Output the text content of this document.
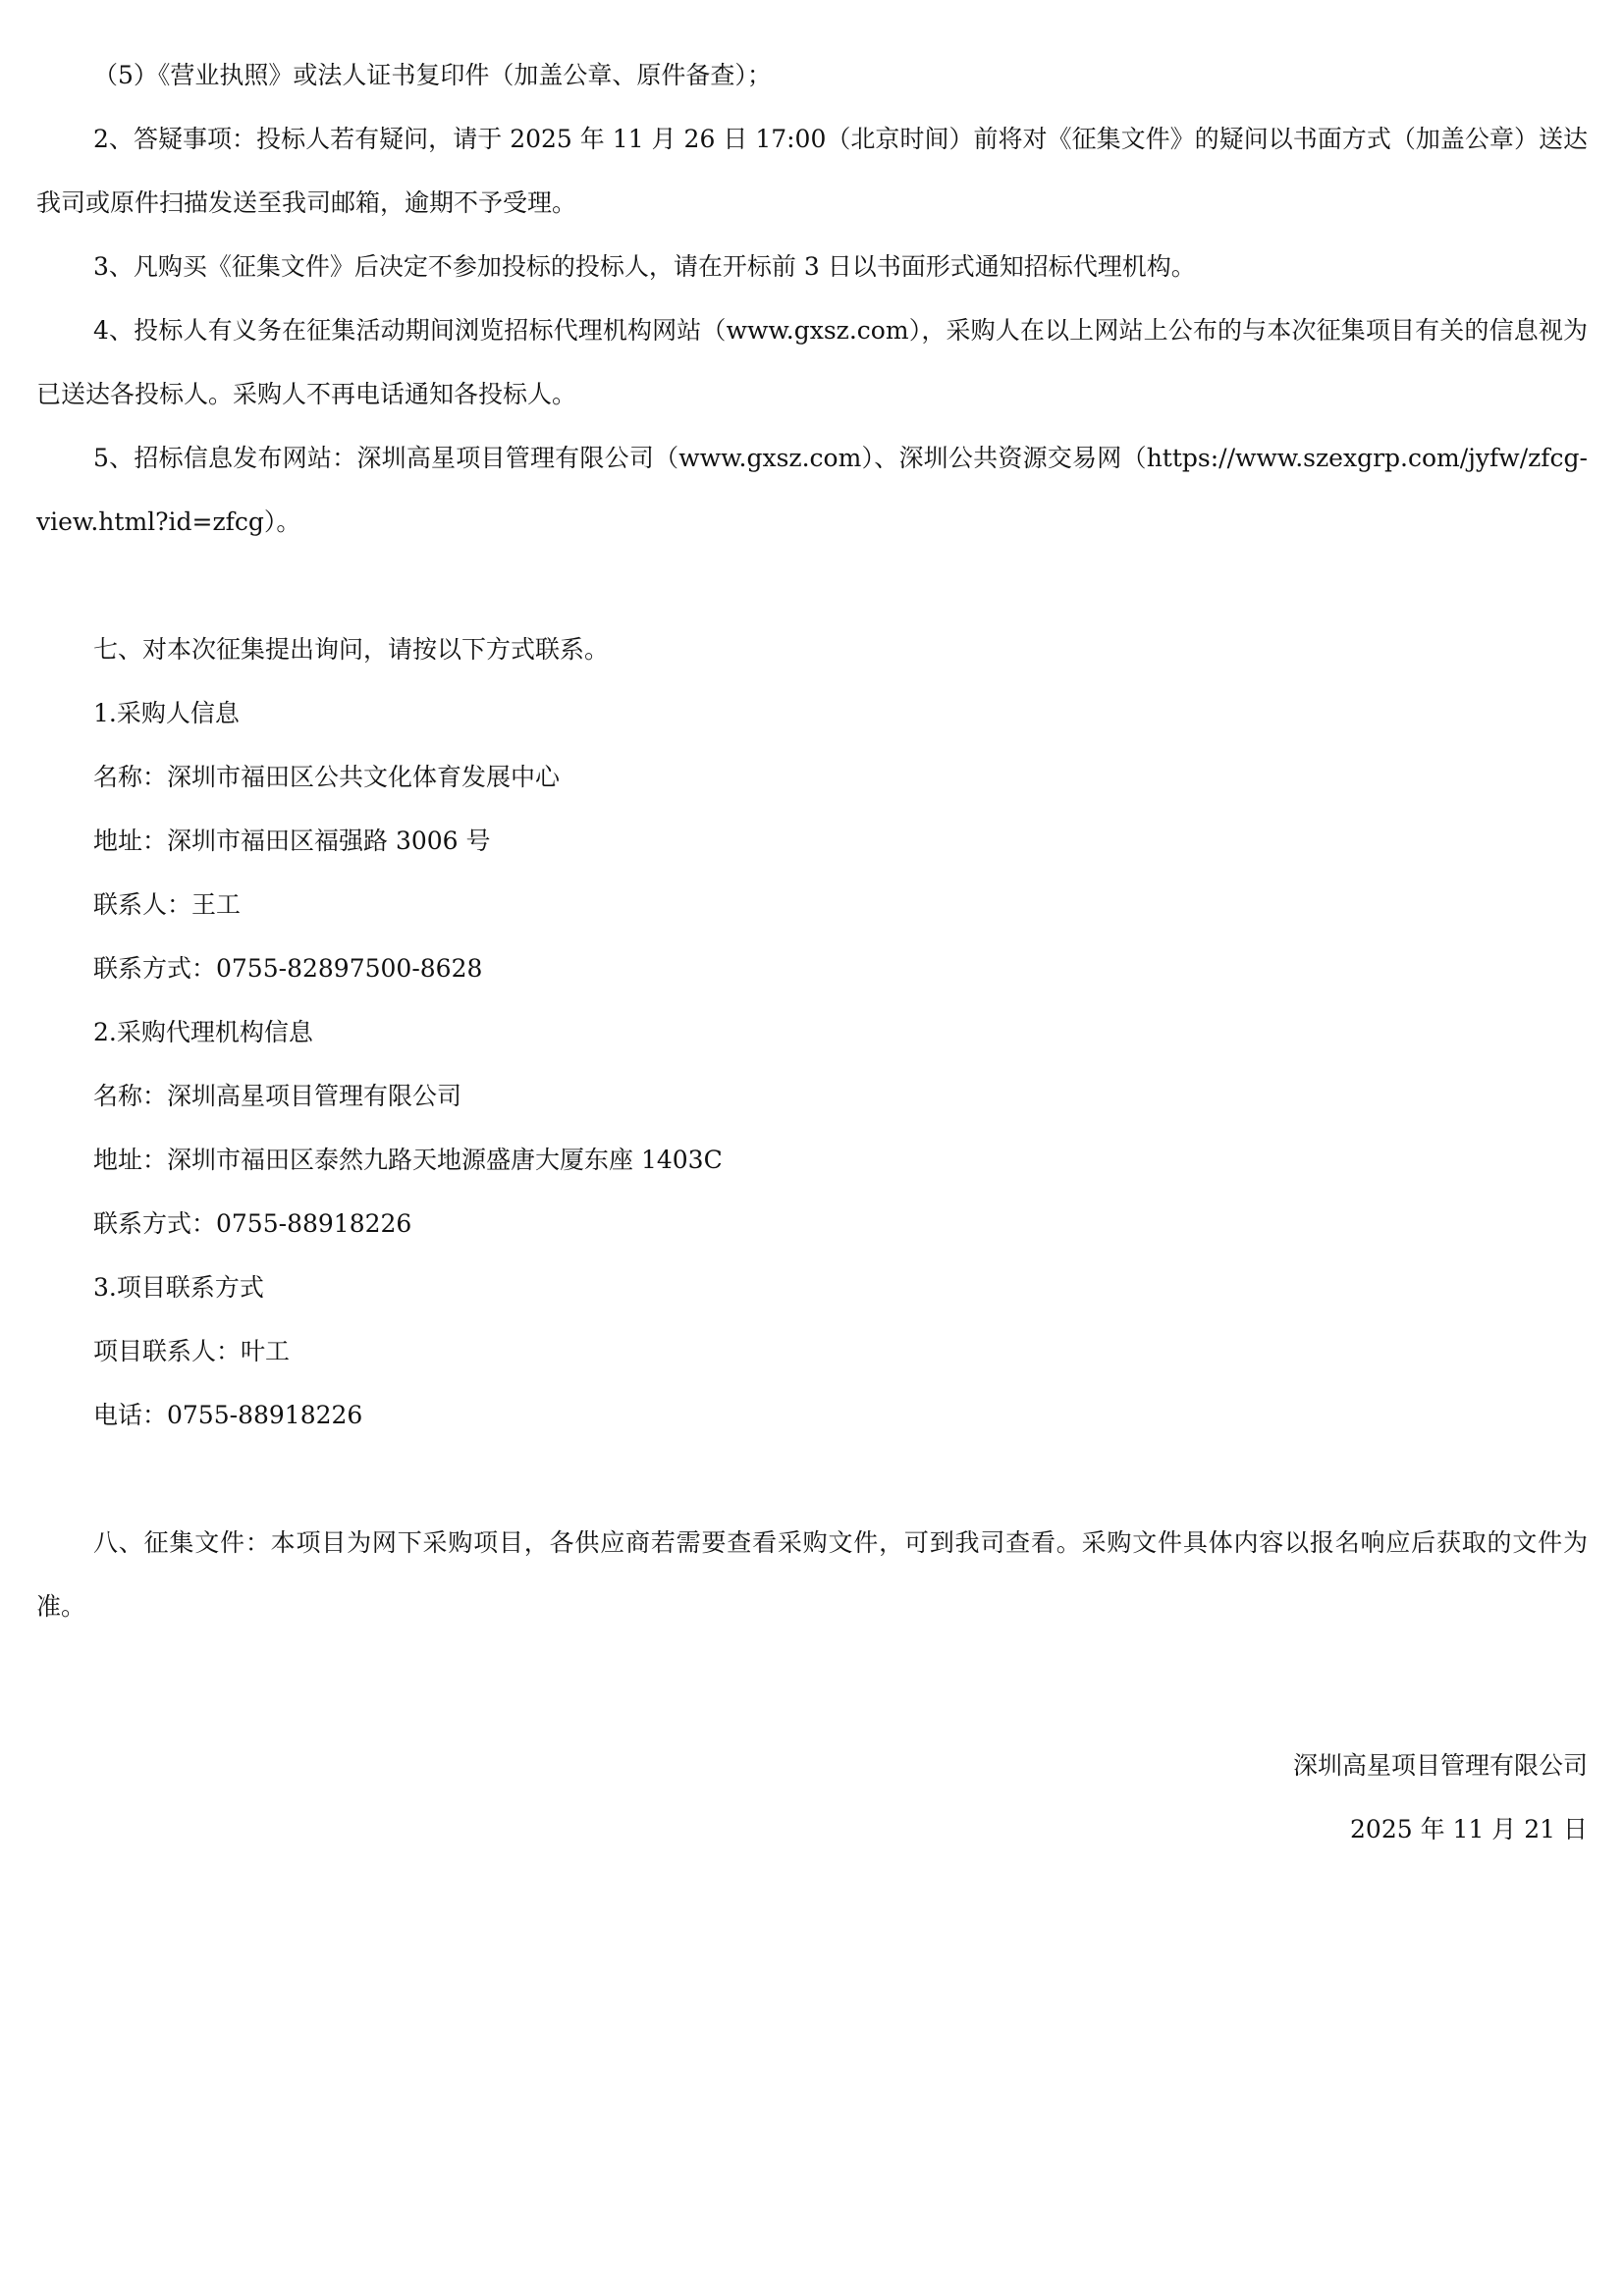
（5）《营业执照》或法人证书复印件（加盖公章、原件备查）；

2、答疑事项：投标人若有疑问，请于 2025 年 11 月 26 日 17:00（北京时间）前将对《征集文件》的疑问以书面方式（加盖公章）送达我司或原件扫描发送至我司邮箱，逾期不予受理。

3、凡购买《征集文件》后决定不参加投标的投标人，请在开标前 3 日以书面形式通知招标代理机构。

4、投标人有义务在征集活动期间浏览招标代理机构网站（www.gxsz.com），采购人在以上网站上公布的与本次征集项目有关的信息视为已送达各投标人。采购人不再电话通知各投标人。

5、招标信息发布网站：深圳高星项目管理有限公司（www.gxsz.com）、深圳公共资源交易网（https://www.szexgrp.com/jyfw/zfcg-view.html?id=zfcg）。

七、对本次征集提出询问，请按以下方式联系。

1.采购人信息

名称：深圳市福田区公共文化体育发展中心

地址：深圳市福田区福强路 3006 号

联系人：王工

联系方式：0755-82897500-8628

2.采购代理机构信息

名称：深圳高星项目管理有限公司

地址：深圳市福田区泰然九路天地源盛唐大厦东座 1403C

联系方式：0755-88918226

3.项目联系方式

项目联系人：叶工

电话：0755-88918226

八、征集文件：本项目为网下采购项目，各供应商若需要查看采购文件，可到我司查看。采购文件具体内容以报名响应后获取的文件为准。

深圳高星项目管理有限公司

2025 年 11 月 21 日
